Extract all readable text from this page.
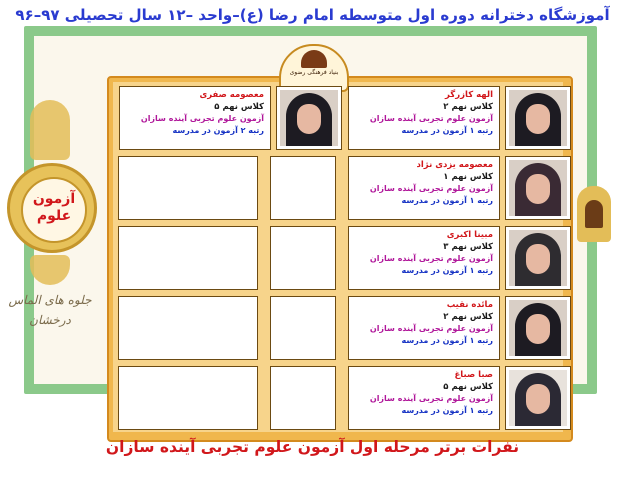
آموزشگاه دخترانه دوره اول متوسطه امام رضا (ع)–واحد –۱۲ سال تحصیلی ۹۷–۹۶
بنیاد فرهنگی رضوی
الهه کازرگر
کلاس نهم ۲
آزمون علوم تجربی آینده سازان
رتبه ۱ آزمون در مدرسه
معصومه یزدی نژاد
کلاس نهم ۱
آزمون علوم تجربی آینده سازان
رتبه ۱ آزمون در مدرسه
مبینا اکبری
کلاس نهم ۳
آزمون علوم تجربی آینده سازان
رتبه ۱ آزمون در مدرسه
مائده نقیب
کلاس نهم ۲
آزمون علوم تجربی آینده سازان
رتبه ۱ آزمون در مدرسه
صبا صباغ
کلاس نهم ۵
آزمون علوم تجربی آینده سازان
رتبه ۱ آزمون در مدرسه
معصومه صفری
کلاس نهم ۵
آزمون علوم تجربی آینده سازان
رتبه ۲ آزمون در مدرسه
آزمون
علوم
جلوه های الماس درخشان
نفرات برتر مرحله اول آزمون علوم تجربی آینده سازان
